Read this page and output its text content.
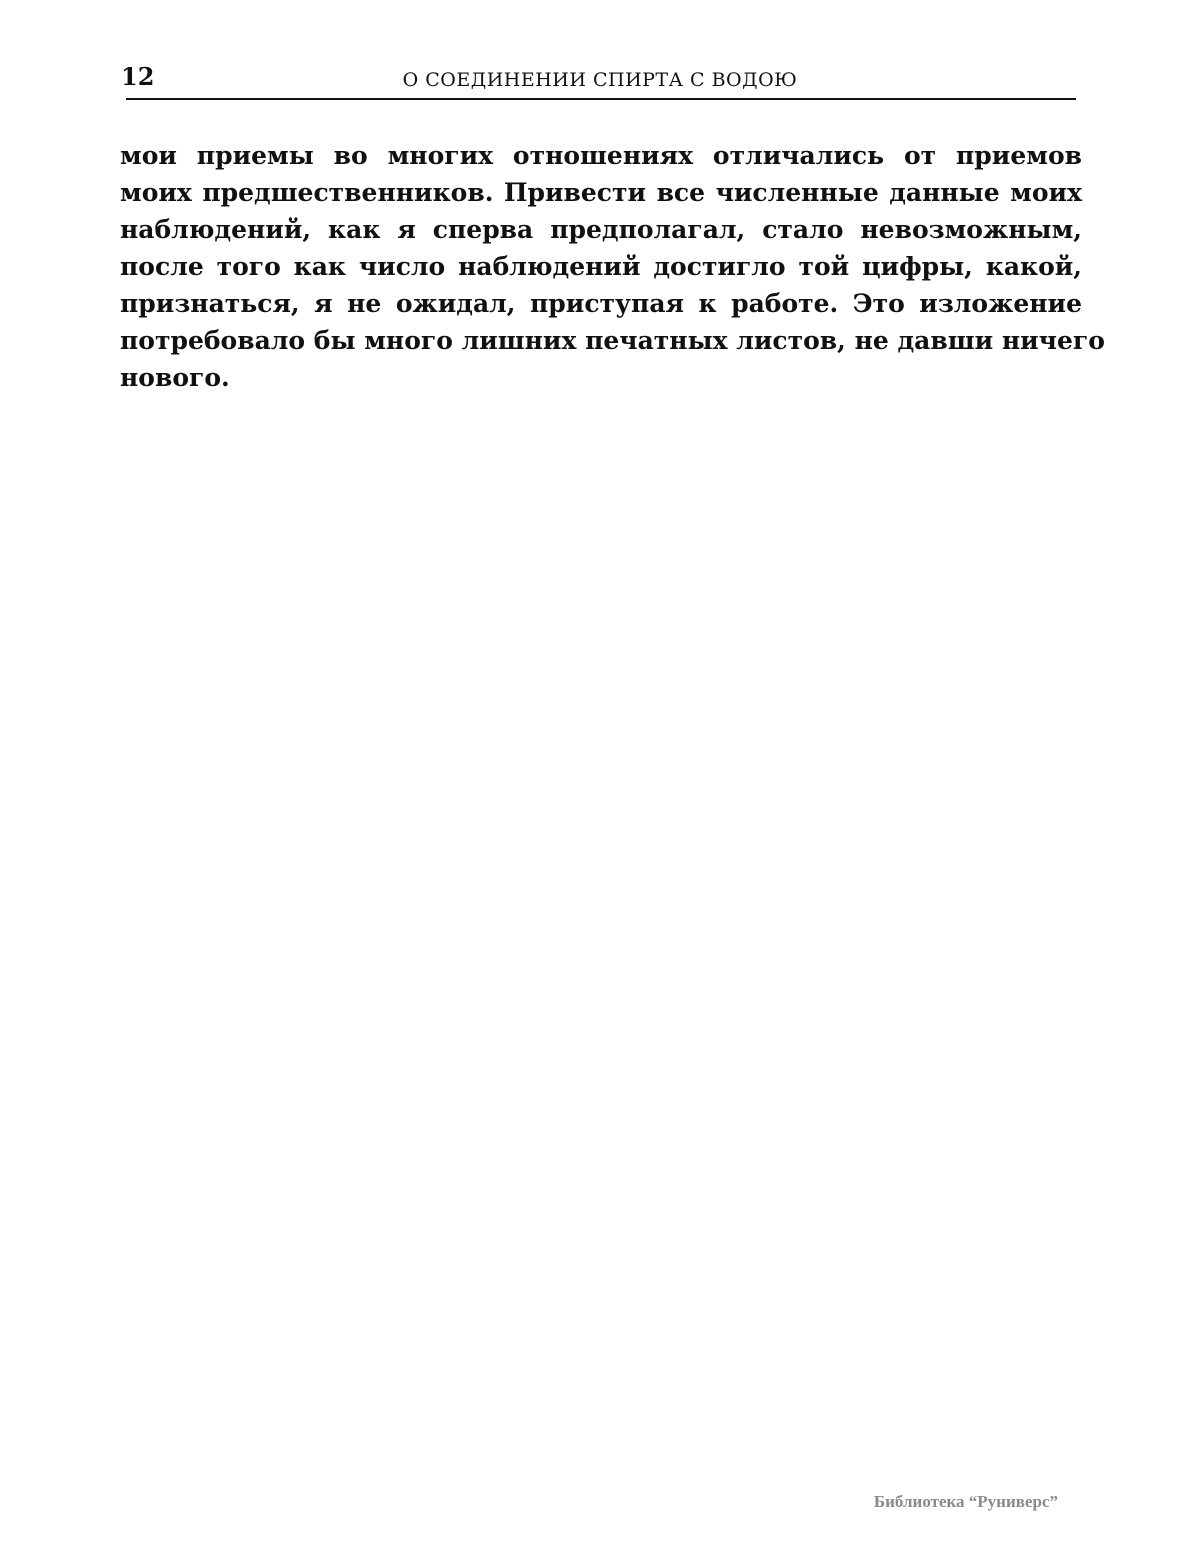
12	О СОЕДИНЕНИИ СПИРТА С ВОДОЮ
мои приемы во многих отношениях отличались от приемов
моих предшественников. Привести все численные данные моих
наблюдений, как я сперва предполагал, стало невозможным,
после того как число наблюдений достигло той цифры, какой,
признаться, я не ожидал, приступая к работе. Это изложение
потребовало бы много лишних печатных листов, не давши ничего
нового.
Библиотека “Руниверс”
